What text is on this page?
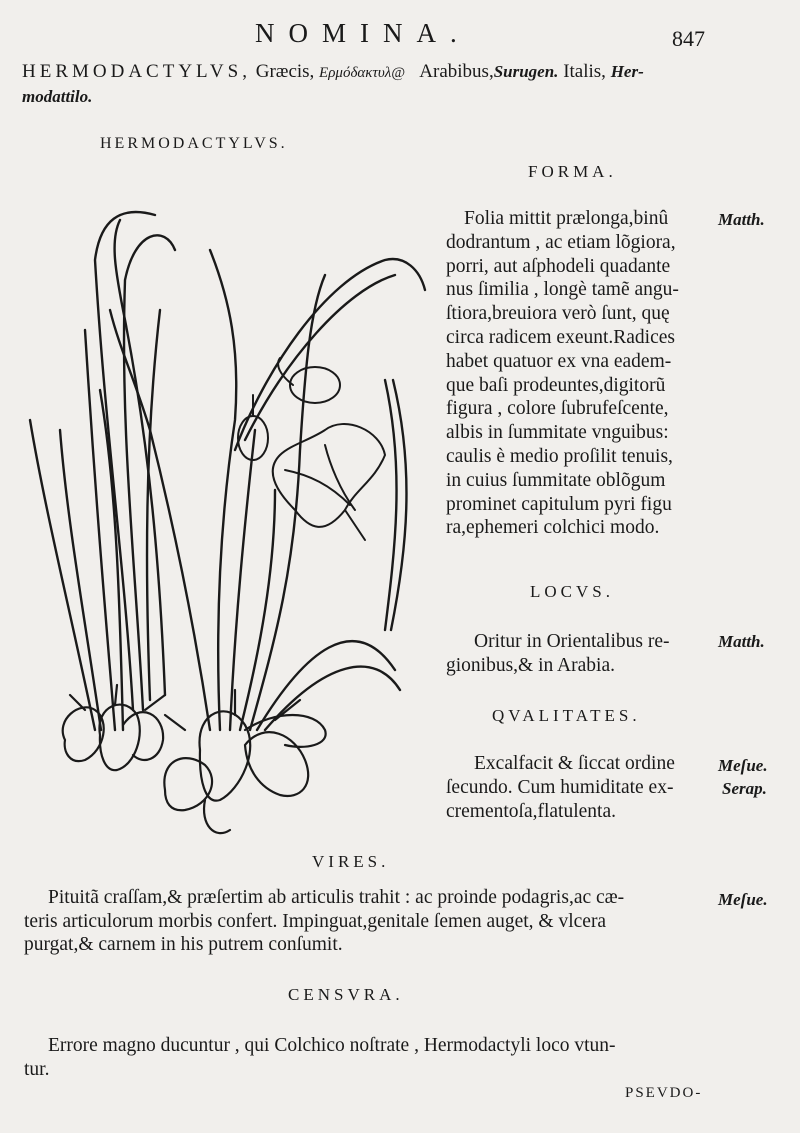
NOMINA.	847
HERMODACTYLVS, Græcis, Ερμόδακτυλ@ Arabibus,Surugen. Italis, Her-
modattilo.
HERMODACTYLVS.
FORMA.
Folia mittit prælonga,binû
dodrantum , ac etiam lõgiora,
porri, aut aſphodeli quadante
nus ſimilia , longè tamẽ angu-
ſtiora,breuiora verò ſunt, quę
circa radicem exeunt.Radices
habet quatuor ex vna eadem-
que baſi prodeuntes,digitorũ
figura , colore ſubrufeſcente,
albis in ſummitate vnguibus:
caulis è medio proſilit tenuis,
in cuius ſummitate oblõgum
prominet capitulum pyri figu
ra,ephemeri colchici modo.
Matth.
LOCVS.
Oritur in Orientalibus re-
gionibus,& in Arabia.
Matth.
QVALITATES.
Excalfacit & ſiccat ordine
ſecundo. Cum humiditate ex-
crementoſa,flatulenta.
Meſue.
Serap.
VIRES.
Pituitã craſſam,& præſertim ab articulis trahit : ac proinde podagris,ac cæ-
teris articulorum morbis confert. Impinguat,genitale ſemen auget, & vlcera
purgat,& carnem in his putrem conſumit.
Meſue.
CENSVRA.
Errore magno ducuntur , qui Colchico noſtrate , Hermodactyli loco vtun-
tur.
PSEVDO-
